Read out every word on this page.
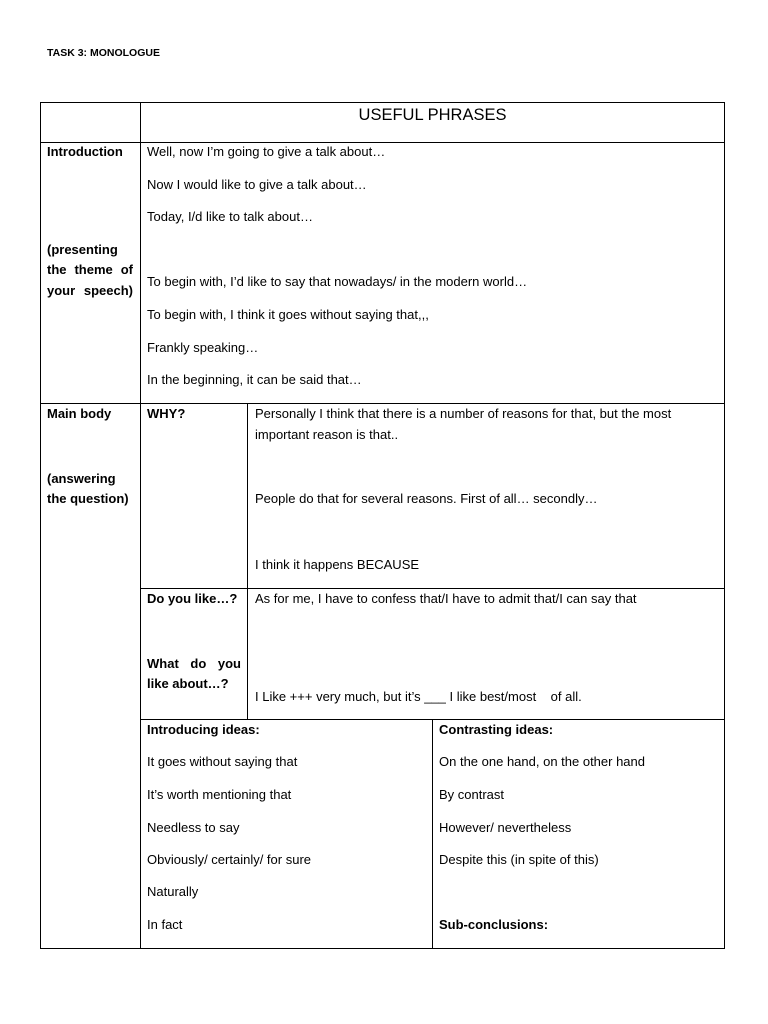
TASK 3: MONOLOGUE
USEFUL PHRASES
Introduction
(presenting
the theme of
your speech)
Well, now I’m going to give a talk about…
Now I would like to give a talk about…
Today, I/d like to talk about…
To begin with, I’d like to say that nowadays/ in the modern world…
To begin with, I think it goes without saying that,,,
Frankly speaking…
In the beginning, it can be said that…
Main body
(answering
the question)
WHY?	Personally I think that there is a number of reasons for that, but the most
important reason is that..
People do that for several reasons. First of all… secondly…
I think it happens BECAUSE
Do you like…?
What do you
like about…?
As for me, I have to confess that/I have to admit that/I can say that
I Like +++ very much, but it’s ___ I like best/most    of all.
Introducing ideas:
It goes without saying that
It’s worth mentioning that
Needless to say
Obviously/ certainly/ for sure
Naturally
In fact
Contrasting ideas:
On the one hand, on the other hand
By contrast
However/ nevertheless
Despite this (in spite of this)
Sub-conclusions:
